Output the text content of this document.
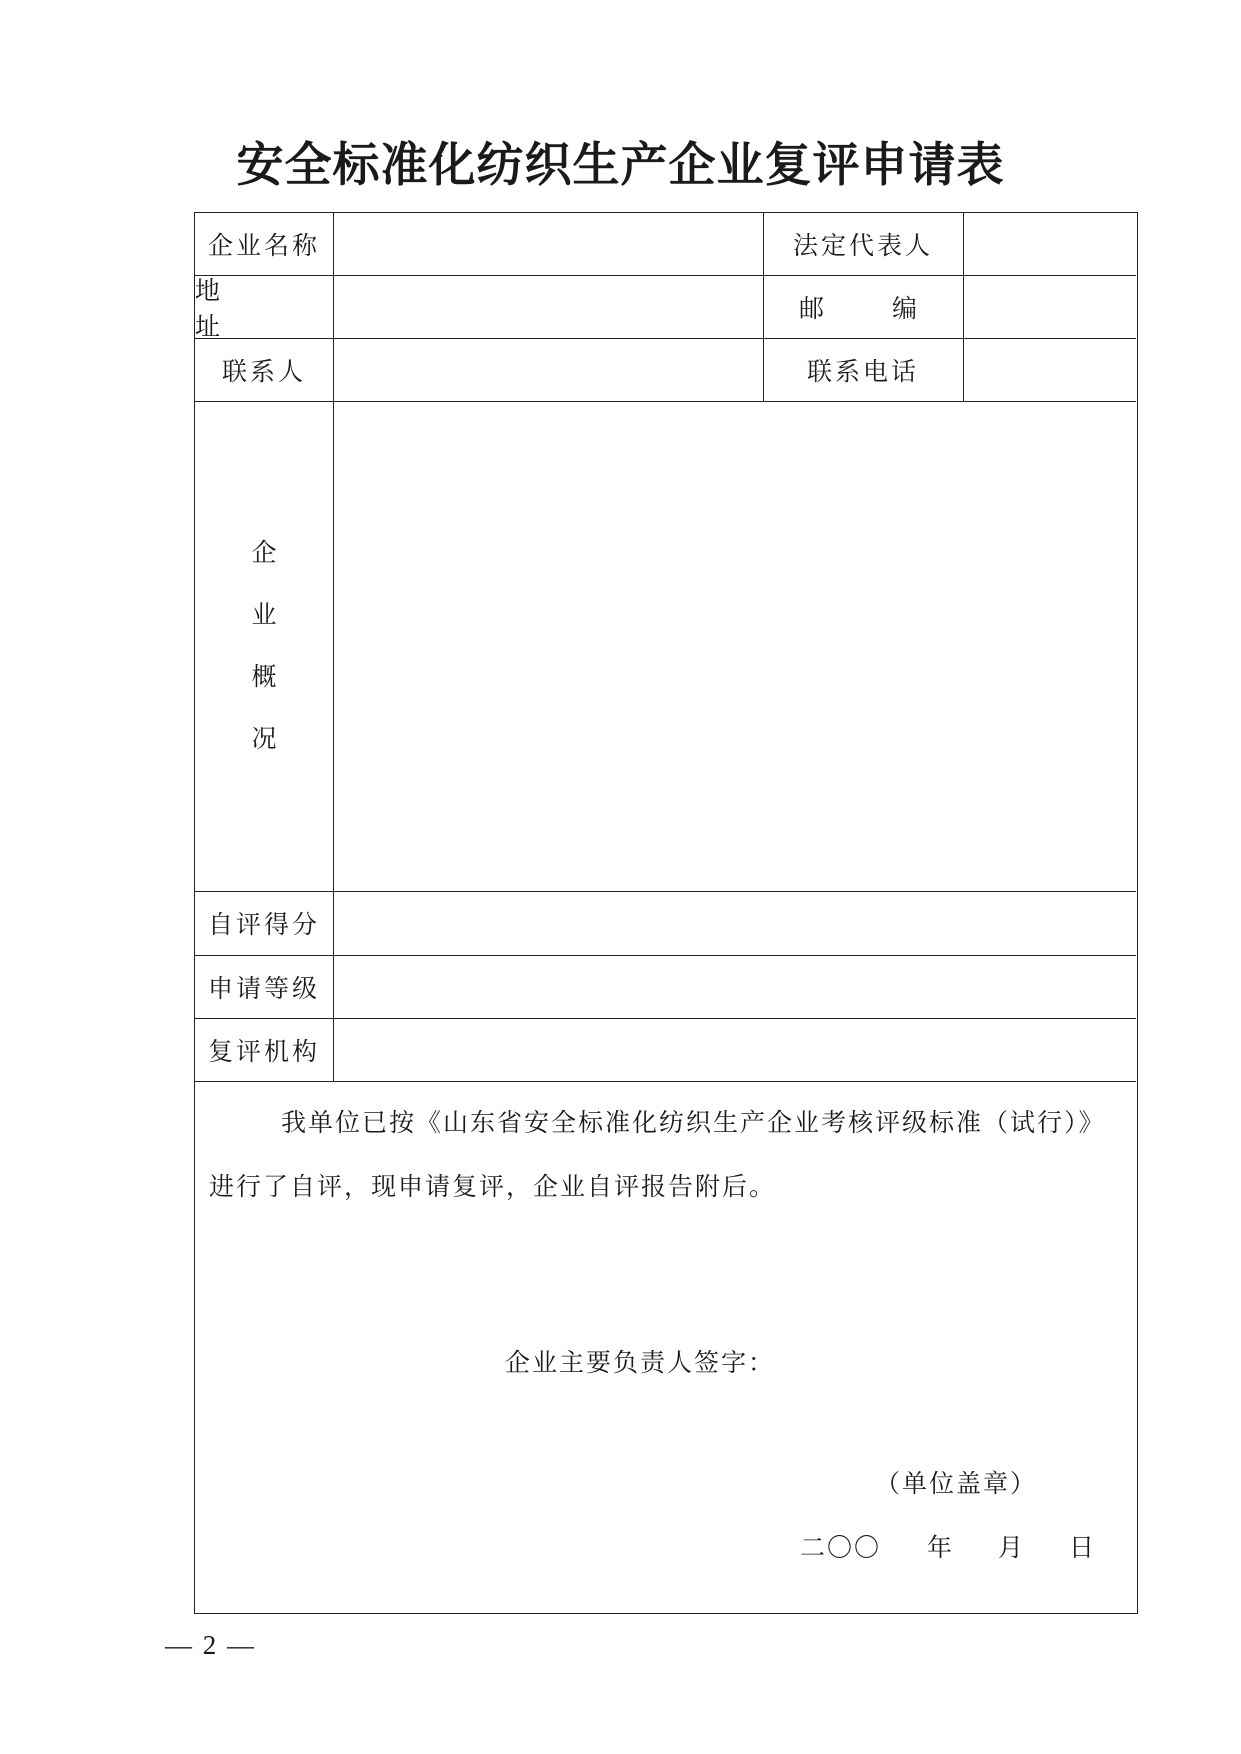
安全标准化纺织生产企业复评申请表
企业名称	法定代表人
地 址
邮 编
联系人	联系电话
企
业
概
况
自评得分
申请等级
复评机构
我单位已按《山东省安全标准化纺织生产企业考核评级标准（试行）》
进行了自评，现申请复评，企业自评报告附后。
企业主要负责人签字：
（单位盖章）
二〇〇 年 月 日
— 2 —
